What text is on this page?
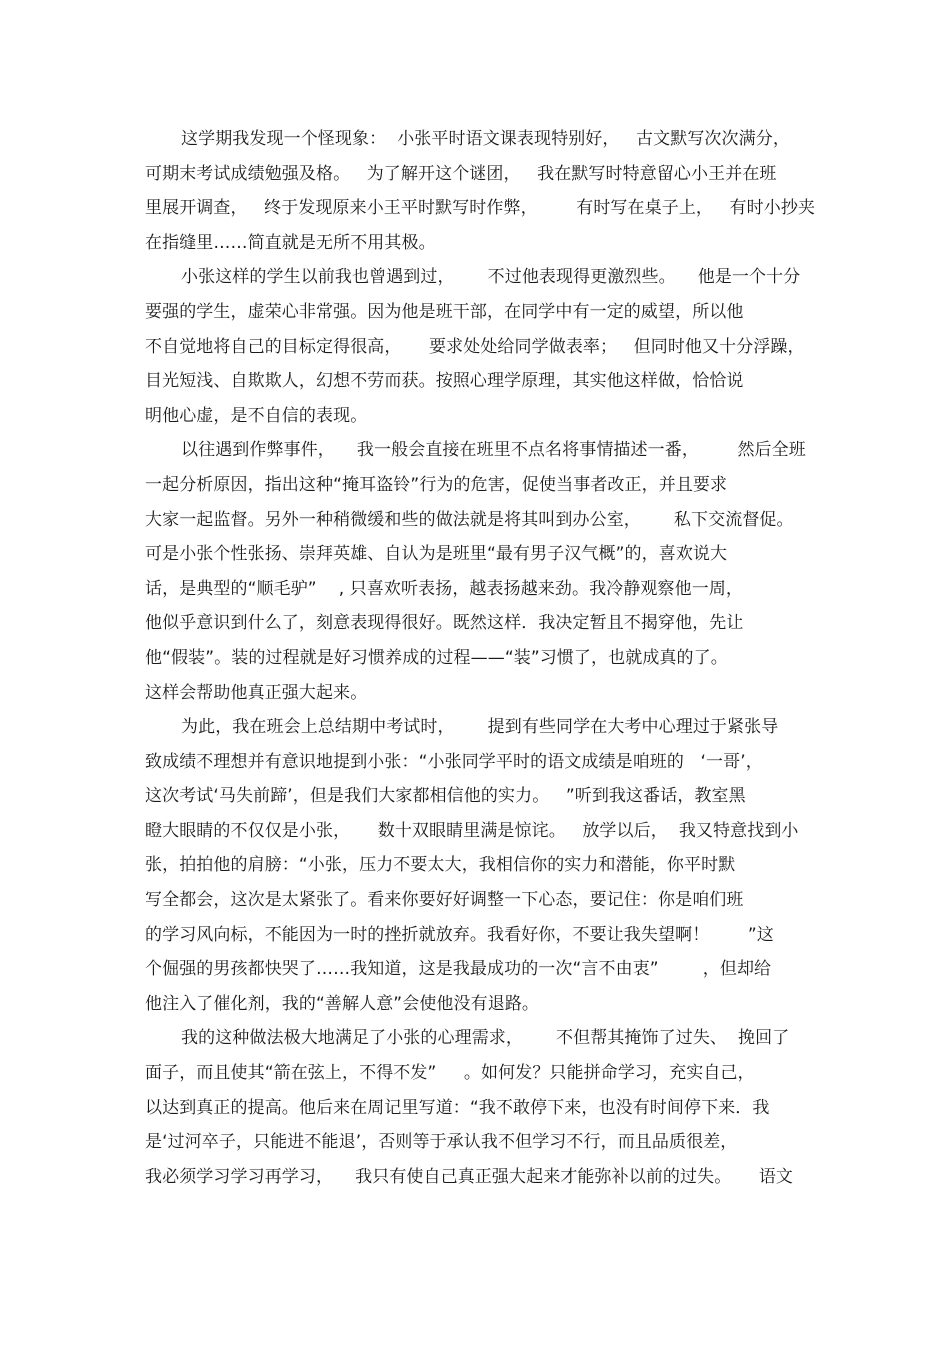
这学期我发现一个怪现象：  小张平时语文课表现特别好，   古文默写次次满分，
可期末考试成绩勉强及格。   为了解开这个谜团，   我在默写时特意留心小王并在班
里展开调查，   终于发现原来小王平时默写时作弊，       有时写在桌子上，   有时小抄夹
在指缝里……简直就是无所不用其极。
小张这样的学生以前我也曾遇到过，      不过他表现得更激烈些。    他是一个十分
要强的学生，虚荣心非常强。因为他是班干部，在同学中有一定的威望，所以他
不自觉地将自己的目标定得很高，     要求处处给同学做表率；   但同时他又十分浮躁，
目光短浅、自欺欺人，幻想不劳而获。按照心理学原理，其实他这样做，恰恰说
明他心虚，是不自信的表现。
以往遇到作弊事件，    我一般会直接在班里不点名将事情描述一番，       然后全班
一起分析原因，指出这种“掩耳盗铃”行为的危害，促使当事者改正，并且要求
大家一起监督。另外一种稍微缓和些的做法就是将其叫到办公室，      私下交流督促。
可是小张个性张扬、崇拜英雄、自认为是班里“最有男子汉气概”的，喜欢说大
话，是典型的“顺毛驴”    , 只喜欢听表扬，越表扬越来劲。我冷静观察他一周，
他似乎意识到什么了，刻意表现得很好。既然这样．我决定暂且不揭穿他，先让
他“假装”。装的过程就是好习惯养成的过程——“装”习惯了，也就成真的了。
这样会帮助他真正强大起来。
为此，我在班会上总结期中考试时，      提到有些同学在大考中心理过于紧张导
致成绩不理想并有意识地提到小张：“小张同学平时的语文成绩是咱班的   ‘一哥’，
这次考试‘马失前蹄’，但是我们大家都相信他的实力。   ”听到我这番话，教室黑
瞪大眼睛的不仅仅是小张，     数十双眼睛里满是惊诧。   放学以后，  我又特意找到小
张，拍拍他的肩膀：“小张，压力不要太大，我相信你的实力和潜能，你平时默
写全都会，这次是太紧张了。看来你要好好调整一下心态，要记住：你是咱们班
的学习风向标，不能因为一时的挫折就放弃。我看好你，不要让我失望啊！       ”这
个倔强的男孩都快哭了……我知道，这是我最成功的一次“言不由衷”        ，但却给
他注入了催化剂，我的“善解人意”会使他没有退路。
我的这种做法极大地满足了小张的心理需求，      不但帮其掩饰了过失、  挽回了
面子，而且使其“箭在弦上，不得不发”     。如何发？只能拼命学习，充实自己，
以达到真正的提高。他后来在周记里写道：“我不敢停下来，也没有时间停下来．我
是‘过河卒子，只能进不能退’，否则等于承认我不但学习不行，而且品质很差，
我必须学习学习再学习，    我只有使自己真正强大起来才能弥补以前的过失。     语文
